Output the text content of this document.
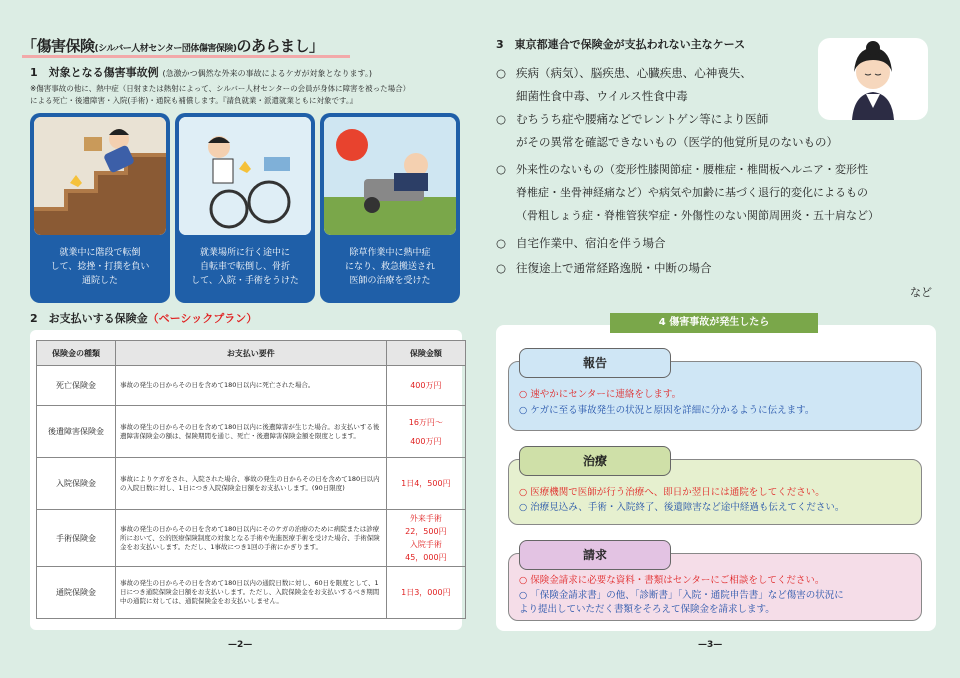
「傷害保険(シルバー人材センター団体傷害保険)のあらまし」
1　対象となる傷害事故例 (急激かつ偶然な外来の事故によるケガが対象となります。)
※傷害事故の他に、熱中症（日射または熱射によって、シルバー人材センターの会員が身体に障害を被った場合）
による死亡・後遺障害・入院(手術)・通院も補償します。『請負就業・派遣就業ともに対象です。』
就業中に階段で転倒
して、捻挫・打撲を負い
通院した
就業場所に行く途中に
自転車で転倒し、骨折
して、入院・手術をうけた
除草作業中に熱中症
になり、救急搬送され
医師の治療を受けた
2　お支払いする保険金（ベーシックプラン）
保険金の種類	お支払い要件	保険金額
死亡保険金	事故の発生の日からその日を含めて180日以内に死亡された場合。	400万円

後遺障害保険金	事故の発生の日からその日を含めて180日以内に後遺障害が生じた場合。お支払いする後遺障害保険金の額は、保険期間を通じ、死亡・後遺障害保険金額を限度とします。	16万円～
400万円

入院保険金	事故によりケガをされ、入院された場合、事故の発生の日からその日を含めて180日以内の入院日数に対し、1日につき入院保険金日額をお支払いします。(90日限度)	1日4，500円

手術保険金	事故の発生の日からその日を含めて180日以内にそのケガの治療のために病院または診療所において、公的医療保険制度の対象となる手術や先進医療手術を受けた場合、手術保険金をお支払いします。ただし、1事故につき1回の手術にかぎります。	外来手術
22，500円
入院手術
45，000円

通院保険金	事故の発生の日からその日を含めて180日以内の通院日数に対し、60日を限度として、1日につき通院保険金日額をお支払いします。ただし、入院保険金をお支払いするべき期間中の通院に対しては、通院保険金をお支払いしません。	1日3，000円
—2—
3　東京都連合で保険金が支払われない主なケース
○ 疾病（病気）、脳疾患、心臓疾患、心神喪失、
細菌性食中毒、ウイルス性食中毒
○ むちうち症や腰痛などでレントゲン等により医師
がその異常を確認できないもの（医学的他覚所見のないもの）
○ 外来性のないもの（変形性膝関節症・腰椎症・椎間板ヘルニア・変形性
脊椎症・坐骨神経痛など）や病気や加齢に基づく退行的変化によるもの
（骨粗しょう症・脊椎管狭窄症・外傷性のない関節周囲炎・五十肩など）
○ 自宅作業中、宿泊を伴う場合
○ 往復途上で通常経路逸脱・中断の場合
など
4 傷害事故が発生したら
報告
○ 速やかにセンターに連絡をします。
○ ケガに至る事故発生の状況と原因を詳細に分かるように伝えます。
治療
○ 医療機関で医師が行う治療へ、即日か翌日には通院をしてください。
○ 治療見込み、手術・入院終了、後遺障害など途中経過も伝えてください。
請求
○ 保険金請求に必要な資料・書類はセンターにご相談をしてください。
○ 「保険金請求書」の他、「診断書」「入院・通院申告書」など傷害の状況に
より提出していただく書類をそろえて保険金を請求します。
—3—
